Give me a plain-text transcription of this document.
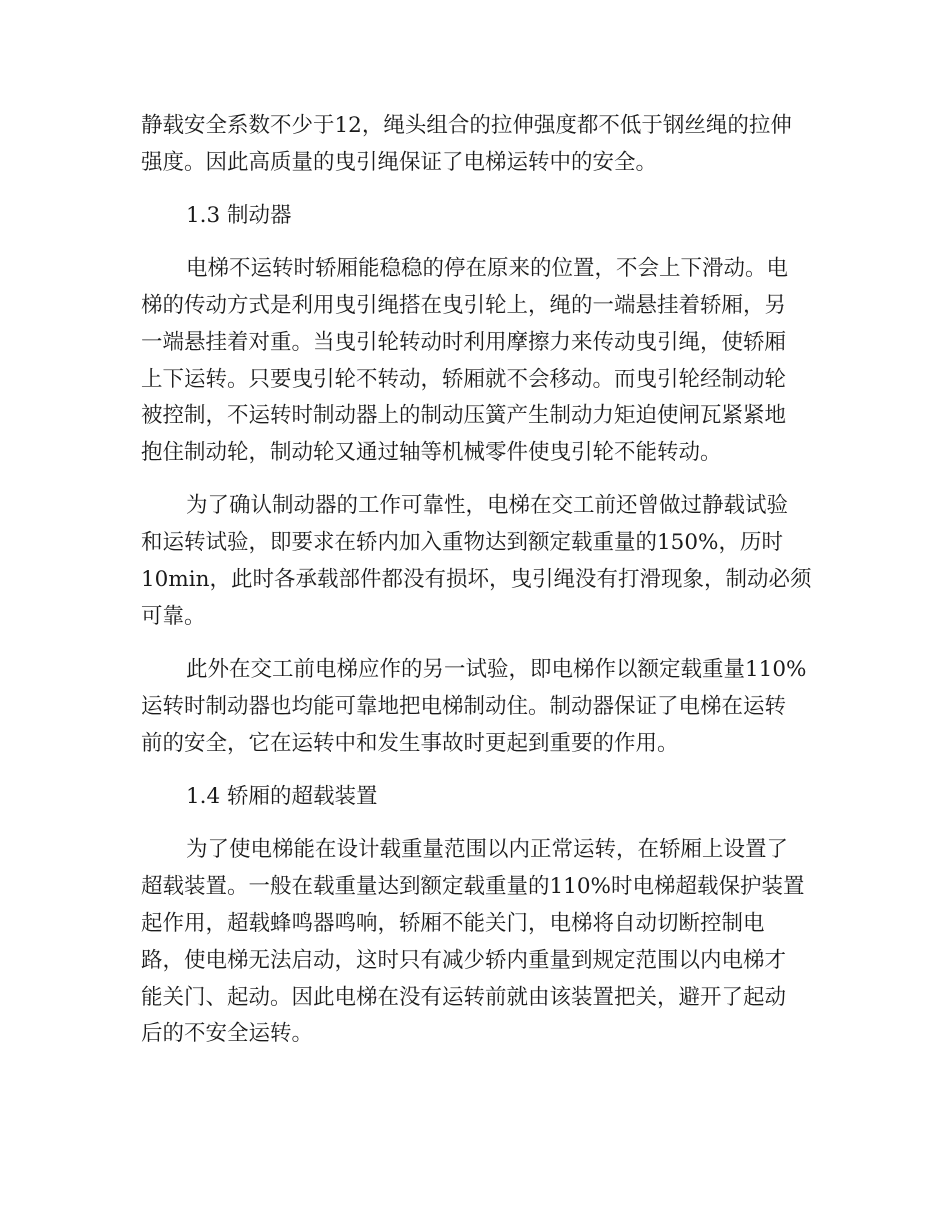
静载安全系数不少于12，绳头组合的拉伸强度都不低于钢丝绳的拉伸

强度。因此高质量的曳引绳保证了电梯运转中的安全。

1.3 制动器

电梯不运转时轿厢能稳稳的停在原来的位置，不会上下滑动。电

梯的传动方式是利用曳引绳搭在曳引轮上，绳的一端悬挂着轿厢，另

一端悬挂着对重。当曳引轮转动时利用摩擦力来传动曳引绳，使轿厢

上下运转。只要曳引轮不转动，轿厢就不会移动。而曳引轮经制动轮

被控制，不运转时制动器上的制动压簧产生制动力矩迫使闸瓦紧紧地

抱住制动轮，制动轮又通过轴等机械零件使曳引轮不能转动。

为了确认制动器的工作可靠性，电梯在交工前还曾做过静载试验

和运转试验，即要求在轿内加入重物达到额定载重量的150%，历时

10min，此时各承载部件都没有损坏，曳引绳没有打滑现象，制动必须

可靠。

此外在交工前电梯应作的另一试验，即电梯作以额定载重量110%

运转时制动器也均能可靠地把电梯制动住。制动器保证了电梯在运转

前的安全，它在运转中和发生事故时更起到重要的作用。

1.4 轿厢的超载装置

为了使电梯能在设计载重量范围以内正常运转，在轿厢上设置了

超载装置。一般在载重量达到额定载重量的110%时电梯超载保护装置

起作用，超载蜂鸣器鸣响，轿厢不能关门，电梯将自动切断控制电

路，使电梯无法启动，这时只有减少轿内重量到规定范围以内电梯才

能关门、起动。因此电梯在没有运转前就由该装置把关，避开了起动

后的不安全运转。
